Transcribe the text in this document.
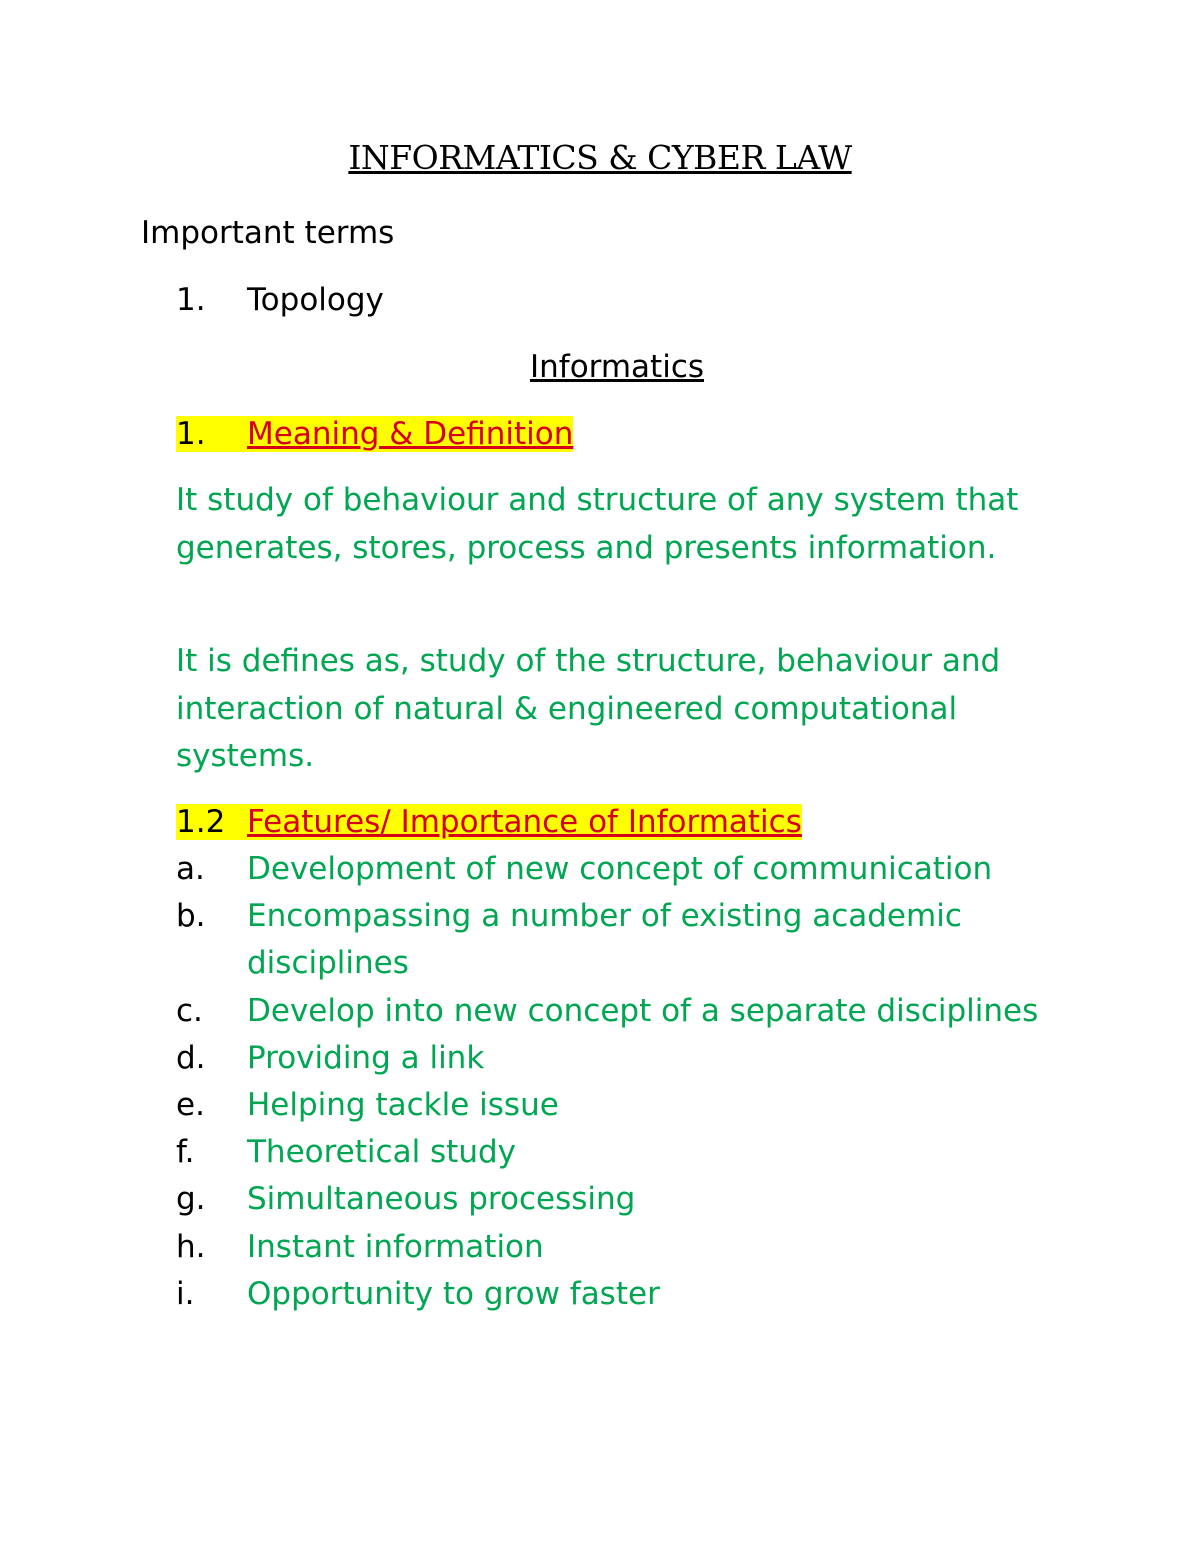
INFORMATICS & CYBER LAW
Important terms
1. Topology
Informatics
1. Meaning & Definition
It study of behaviour and structure of any system that generates, stores, process and presents information.
It is defines as, study of the structure, behaviour and interaction of natural & engineered computational systems.
1.2 Features/ Importance of Informatics
a. Development of new concept of communication
b. Encompassing a number of existing academic disciplines
c. Develop into new concept of a separate disciplines
d. Providing a link
e. Helping tackle issue
f. Theoretical study
g. Simultaneous processing
h. Instant information
i. Opportunity to grow faster
